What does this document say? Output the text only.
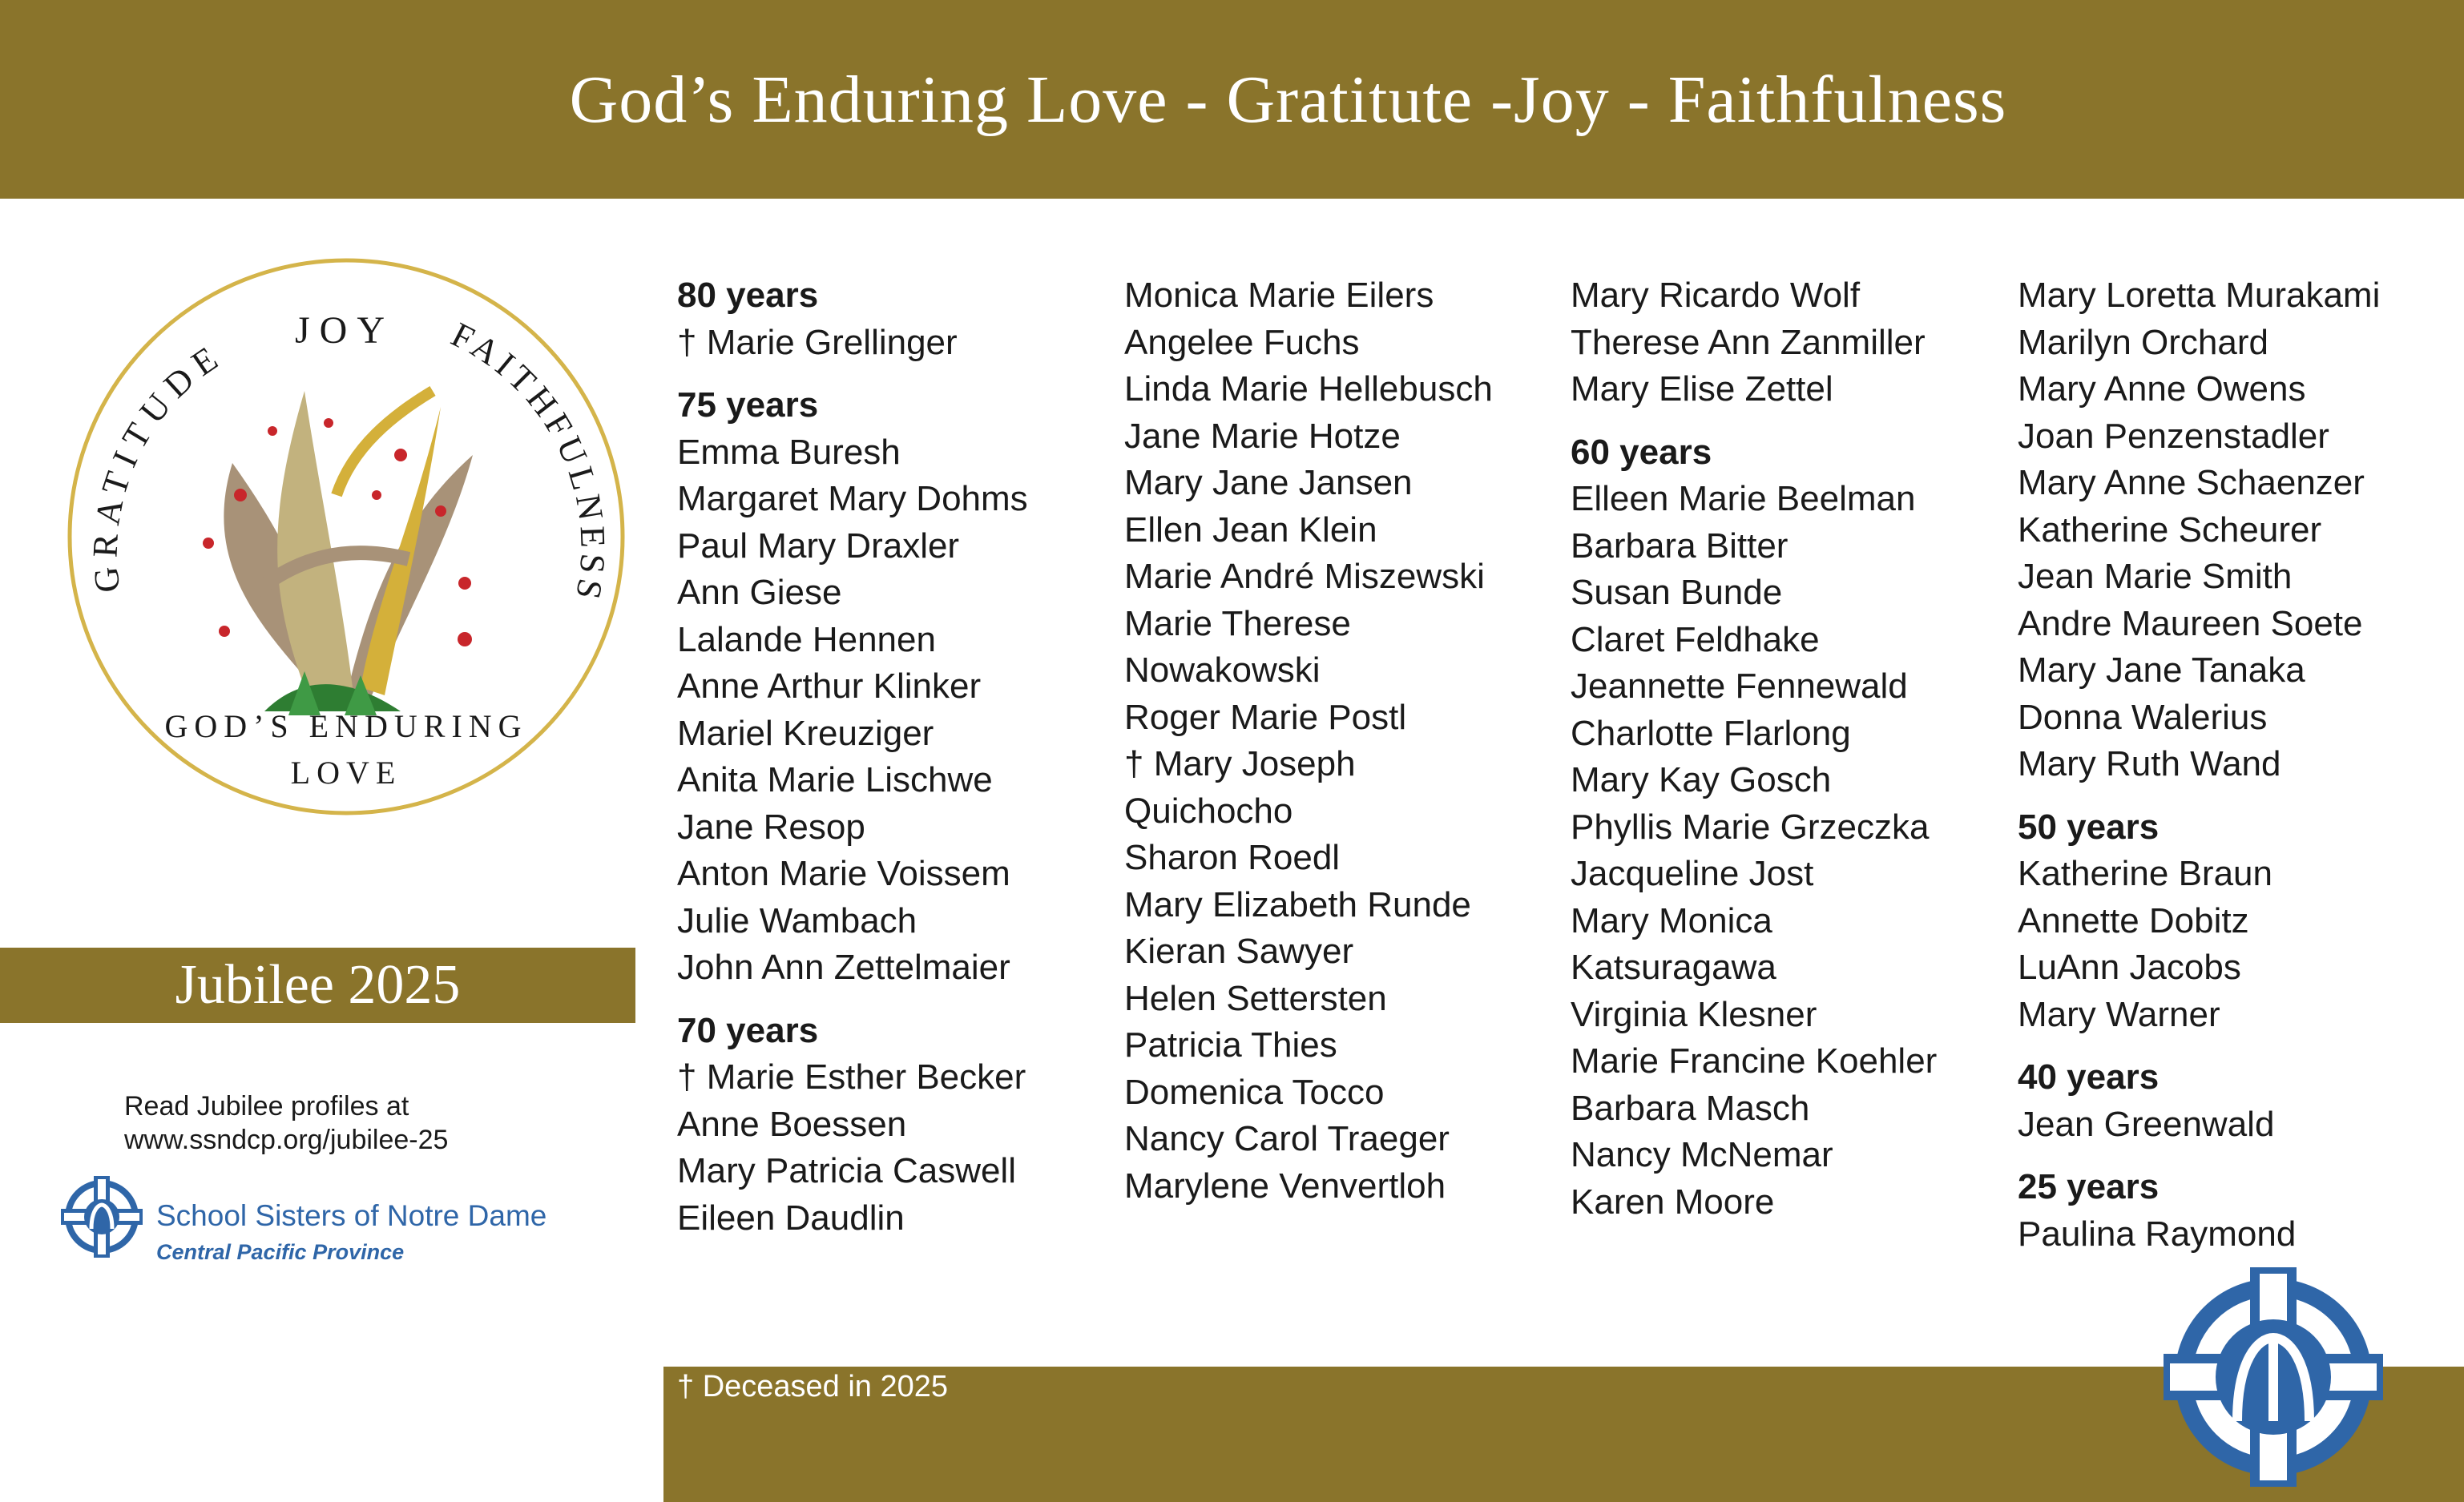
God’s Enduring Love - Gratitute -Joy - Faithfulness
JOY
GRATITUDE	FAITHFULNESS
GOD’S ENDURING
LOVE
Jubilee 2025
Read Jubilee profiles at
www.ssndcp.org/jubilee-25
School Sisters of Notre Dame
Central Pacific Province
80 years
† Marie Grellinger
75 years
Emma Buresh
Margaret Mary Dohms
Paul Mary Draxler
Ann Giese
Lalande Hennen
Anne Arthur Klinker
Mariel Kreuziger
Anita Marie Lischwe
Jane Resop
Anton Marie Voissem
Julie Wambach
John Ann Zettelmaier
70 years
† Marie Esther Becker
Anne Boessen
Mary Patricia Caswell
Eileen Daudlin
Monica Marie Eilers
Angelee Fuchs
Linda Marie Hellebusch
Jane Marie Hotze
Mary Jane Jansen
Ellen Jean Klein
Marie André Miszewski
Marie Therese
Nowakowski
Roger Marie Postl
† Mary Joseph
Quichocho
Sharon Roedl
Mary Elizabeth Runde
Kieran Sawyer
Helen Settersten
Patricia Thies
Domenica Tocco
Nancy Carol Traeger
Marylene Venvertloh
Mary Ricardo Wolf
Therese Ann Zanmiller
Mary Elise Zettel
60 years
Elleen Marie Beelman
Barbara Bitter
Susan Bunde
Claret Feldhake
Jeannette Fennewald
Charlotte Flarlong
Mary Kay Gosch
Phyllis Marie Grzeczka
Jacqueline Jost
Mary Monica
Katsuragawa
Virginia Klesner
Marie Francine Koehler
Barbara Masch
Nancy McNemar
Karen Moore
Mary Loretta Murakami
Marilyn Orchard
Mary Anne Owens
Joan Penzenstadler
Mary Anne Schaenzer
Katherine Scheurer
Jean Marie Smith
Andre Maureen Soete
Mary Jane Tanaka
Donna Walerius
Mary Ruth Wand
50 years
Katherine Braun
Annette Dobitz
LuAnn Jacobs
Mary Warner
40 years
Jean Greenwald
25 years
Paulina Raymond
† Deceased in 2025
